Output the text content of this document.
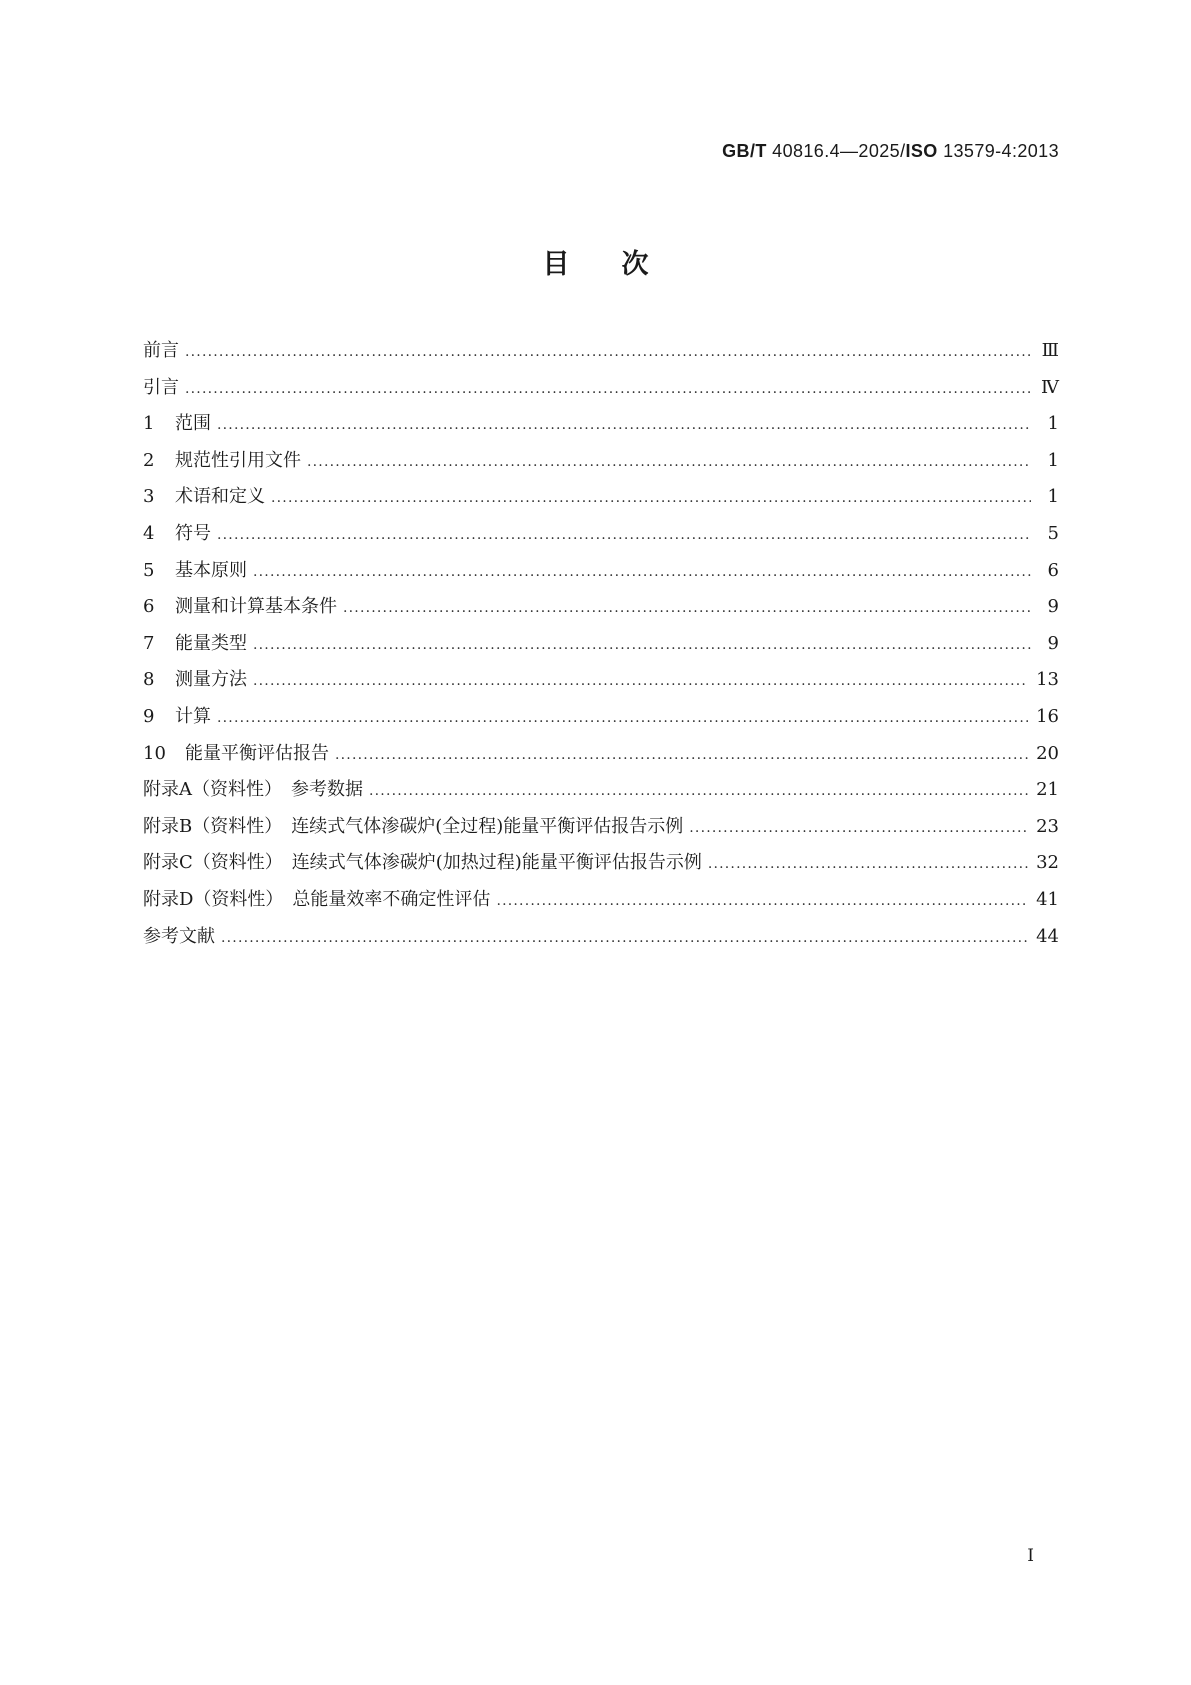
GB/T 40816.4—2025/ISO 13579-4:2013
目次
前言 .....	Ⅲ
引言 .....	Ⅳ
1 范围 .....	1
2 规范性引用文件 .....	1
3 术语和定义 .....	1
4 符号 .....	5
5 基本原则 .....	6
6 测量和计算基本条件 .....	9
7 能量类型 .....	9
8 测量方法 .....	13
9 计算 .....	16
10 能量平衡评估报告 .....	20
附录A（资料性）　参考数据 .....	21
附录B（资料性）　连续式气体渗碳炉(全过程)能量平衡评估报告示例 .....	23
附录C（资料性）　连续式气体渗碳炉(加热过程)能量平衡评估报告示例 .....	32
附录D（资料性）　总能量效率不确定性评估 .....	41
参考文献 .....	44
I
